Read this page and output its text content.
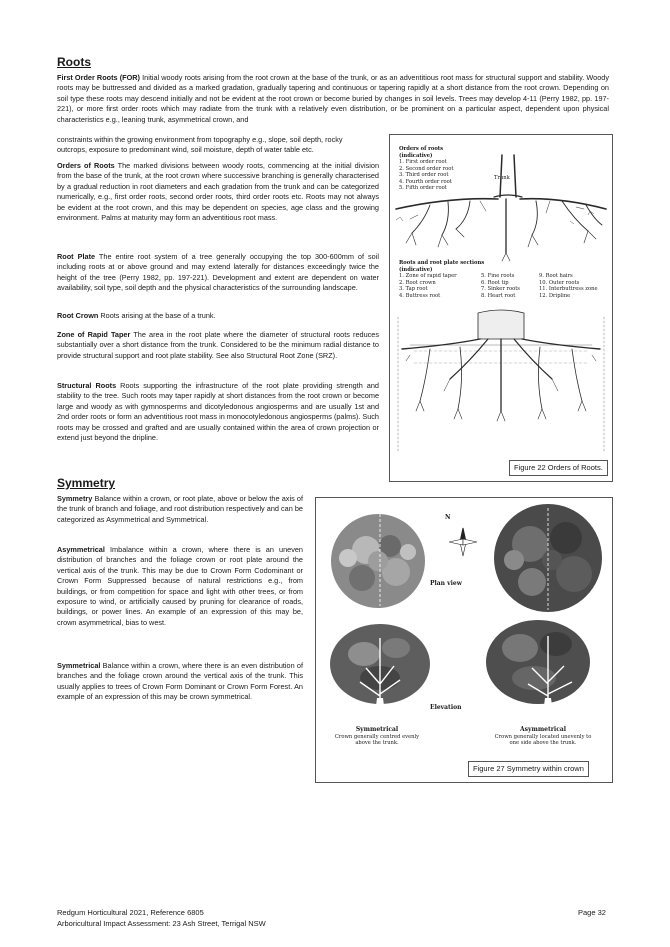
Roots

First Order Roots (FOR) Initial woody roots arising from the root crown at the base of the trunk, or as an adventitious root mass for structural support and stability. Woody roots may be buttressed and divided as a marked gradation, gradually tapering and continuous or tapering rapidly at a short distance from the root crown. Depending on soil type these roots may descend initially and not be evident at the root crown or become buried by changes in soil levels. Trees may develop 4-11 (Perry 1982, pp. 197-221), or more first order roots which may radiate from the trunk with a relatively even distribution, or be prominent on a particular aspect, dependent upon physical characteristics e.g., leaning trunk, asymmetrical crown, and

constraints within the growing environment from topography e.g., slope, soil depth, rocky
outcrops, exposure to predominant wind, soil moisture, depth of water table etc.

Orders of Roots The marked divisions between woody roots, commencing at the initial division from the base of the trunk, at the root crown where successive branching is generally characterised by a gradual reduction in root diameters and each gradation from the trunk and can be categorized numerically, e.g., first order roots, second order roots, third order roots etc. Roots may not always be evident at the root crown, and this may be dependent on species, age class and the growing environment. Palms at maturity may form an adventitious root mass.

Root Plate The entire root system of a tree generally occupying the top 300-600mm of soil including roots at or above ground and may extend laterally for distances exceedingly twice the height of the tree (Perry 1982, pp. 197-221). Development and extent are dependent on water availability, soil type, soil depth and the physical characteristics of the surrounding landscape.

Root Crown Roots arising at the base of a trunk.

Zone of Rapid Taper The area in the root plate where the diameter of structural roots reduces substantially over a short distance from the trunk. Considered to be the minimum radial distance to provide structural support and root plate stability. See also Structural Root Zone (SRZ).

Structural Roots Roots supporting the infrastructure of the root plate providing strength and stability to the tree. Such roots may taper rapidly at short distances from the root crown or become large and woody as with gymnosperms and dicotyledonous angiosperms and are usually 1st and 2nd order roots or form an adventitious root mass in monocotyledonous angiosperms (palms). Such roots may be crossed and grafted and are usually contained within the area of crown projection or extend just beyond the dripline.

Orders of roots
(indicative)
1. First order root
2. Second order root
3. Third order root
4. Fourth order root
5. Fifth order root
Trunk
Roots and root plate sections
(indicative)
1. Zone of rapid taper	5. Fine roots	9. Root hairs
2. Root crown	6. Root tip	10. Outer roots
3. Tap root	7. Sinker roots	11. Interbuttress zone
4. Buttress root	8. Heart root	12. Dripline
Figure 22 Orders of Roots.
Symmetry

Symmetry Balance within a crown, or root plate, above or below the axis of the trunk of branch and foliage, and root distribution respectively and can be categorized as Asymmetrical and Symmetrical.

Asymmetrical Imbalance within a crown, where there is an uneven distribution of branches and the foliage crown or root plate around the vertical axis of the trunk. This may be due to Crown Form Codominant or Crown Form Suppressed because of natural restrictions e.g., from buildings, or from competition for space and light with other trees, or from exposure to wind, or artificially caused by pruning for clearance of roads, buildings, or power lines. An example of an expression of this may be, crown asymmetrical, bias to west.

Symmetrical Balance within a crown, where there is an even distribution of branches and the foliage crown around the vertical axis of the trunk. This usually applies to trees of Crown Form Dominant or Crown Form Forest. An example of an expression of this may be crown symmetrical.

N
Plan view
Elevation
Symmetrical
Crown generally centred evenly
above the trunk.
Asymmetrical
Crown generally located unevenly to
one side above the trunk.
Figure 27 Symmetry within crown
Redgum Horticultural 2021, Reference 6805
Arboricultural Impact Assessment: 23 Ash Street, Terrigal NSW
Page 32
